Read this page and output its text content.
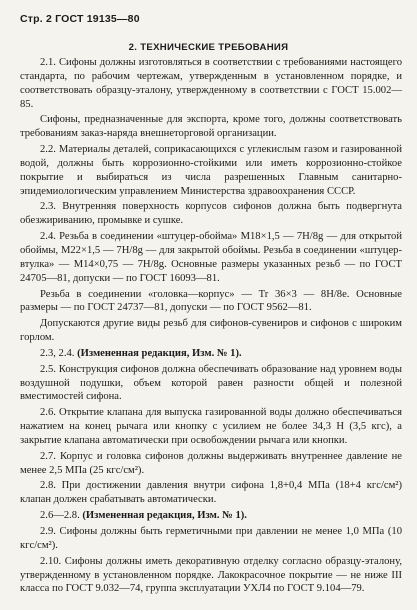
Стр. 2 ГОСТ 19135—80
2. ТЕХНИЧЕСКИЕ ТРЕБОВАНИЯ

2.1. Сифоны должны изготовляться в соответствии с требованиями настоящего стандарта, по рабочим чертежам, утвержденным в установленном порядке, и соответствовать образцу-эталону, утвержденному в соответствии с ГОСТ 15.002—85.

Сифоны, предназначенные для экспорта, кроме того, должны соответствовать требованиям заказ-наряда внешнеторговой организации.

2.2. Материалы деталей, соприкасающихся с углекислым газом и газированной водой, должны быть коррозионно-стойкими или иметь коррозионно-стойкое покрытие и выбираться из числа разрешенных Главным санитарно-эпидемиологическим управлением Министерства здравоохранения СССР.

2.3. Внутренняя поверхность корпусов сифонов должна быть подвергнута обезжириванию, промывке и сушке.

2.4. Резьба в соединении «штуцер-обойма» M18×1,5 — 7H/8g — для открытой обоймы, M22×1,5 — 7H/8g — для закрытой обоймы. Резьба в соединении «штуцер-втулка» — M14×0,75 — 7H/8g. Основные размеры указанных резьб — по ГОСТ 24705—81, допуски — по ГОСТ 16093—81.

Резьба в соединении «головка—корпус» — Tr 36×3 — 8H/8e. Основные размеры — по ГОСТ 24737—81, допуски — по ГОСТ 9562—81.

Допускаются другие виды резьб для сифонов-сувениров и сифонов с широким горлом.

2.3, 2.4. (Измененная редакция, Изм. № 1).

2.5. Конструкция сифонов должна обеспечивать образование над уровнем воды воздушной подушки, объем которой равен разности общей и полезной вместимостей сифона.

2.6. Открытие клапана для выпуска газированной воды должно обеспечиваться нажатием на конец рычага или кнопку с усилием не более 34,3 Н (3,5 кгс), а закрытие клапана автоматически при освобождении рычага или кнопки.

2.7. Корпус и головка сифонов должны выдерживать внутреннее давление не менее 2,5 МПа (25 кгс/см²).

2.8. При достижении давления внутри сифона 1,8+0,4 МПа (18+4 кгс/см²) клапан должен срабатывать автоматически.

2.6—2.8. (Измененная редакция, Изм. № 1).

2.9. Сифоны должны быть герметичными при давлении не менее 1,0 МПа (10 кгс/см²).

2.10. Сифоны должны иметь декоративную отделку согласно образцу-эталону, утвержденному в установленном порядке. Лакокрасочное покрытие — не ниже III класса по ГОСТ 9.032—74, группа эксплуатации УХЛ4 по ГОСТ 9.104—79.
